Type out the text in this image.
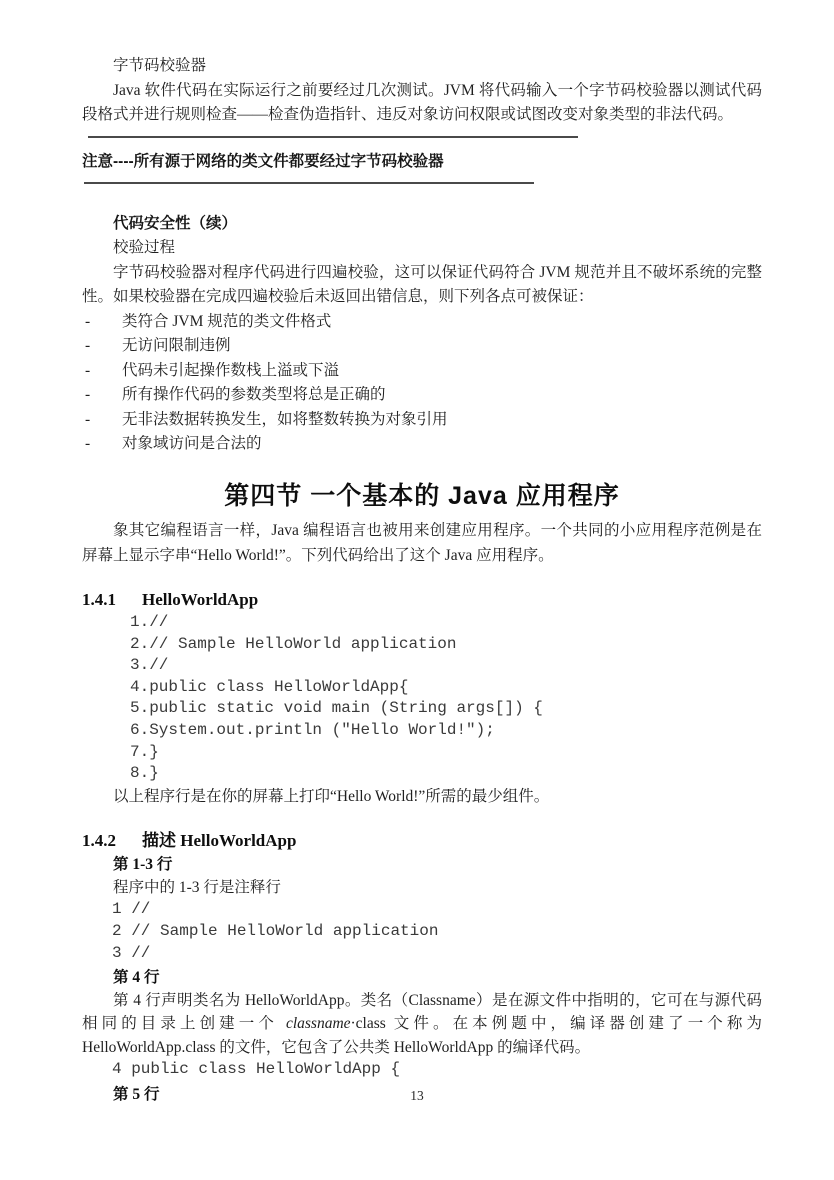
字节码校验器

Java 软件代码在实际运行之前要经过几次测试。JVM 将代码输入一个字节码校验器以测试代码段格式并进行规则检查——检查伪造指针、违反对象访问权限或试图改变对象类型的非法代码。

注意----所有源于网络的类文件都要经过字节码校验器

代码安全性（续）

校验过程

字节码校验器对程序代码进行四遍校验，这可以保证代码符合 JVM 规范并且不破坏系统的完整性。如果校验器在完成四遍校验后未返回出错信息，则下列各点可被保证：

-	类符合 JVM 规范的类文件格式
-	无访问限制违例
-	代码未引起操作数栈上溢或下溢
-	所有操作代码的参数类型将总是正确的
-	无非法数据转换发生，如将整数转换为对象引用
-	对象域访问是合法的

第四节 一个基本的 Java 应用程序

象其它编程语言一样，Java 编程语言也被用来创建应用程序。一个共同的小应用程序范例是在屏幕上显示字串“Hello World!”。下列代码给出了这个 Java 应用程序。

1.4.1 HelloWorldApp

1.//
2.// Sample HelloWorld application
3.//
4.public class HelloWorldApp{
5.public static void main (String args[]) {
6.System.out.println ("Hello World!");
7.}
8.}

以上程序行是在你的屏幕上打印“Hello World!”所需的最少组件。

1.4.2 描述 HelloWorldApp

第 1-3 行

程序中的 1-3 行是注释行

1 //
2 // Sample HelloWorld application
3 //

第 4 行

第 4 行声明类名为 HelloWorldApp。类名（Classname）是在源文件中指明的，它可在与源代码相同的目录上创建一个 classname·class 文件。在本例题中，编译器创建了一个称为 HelloWorldApp.class 的文件，它包含了公共类 HelloWorldApp 的编译代码。

4 public class HelloWorldApp {

第 5 行	13
